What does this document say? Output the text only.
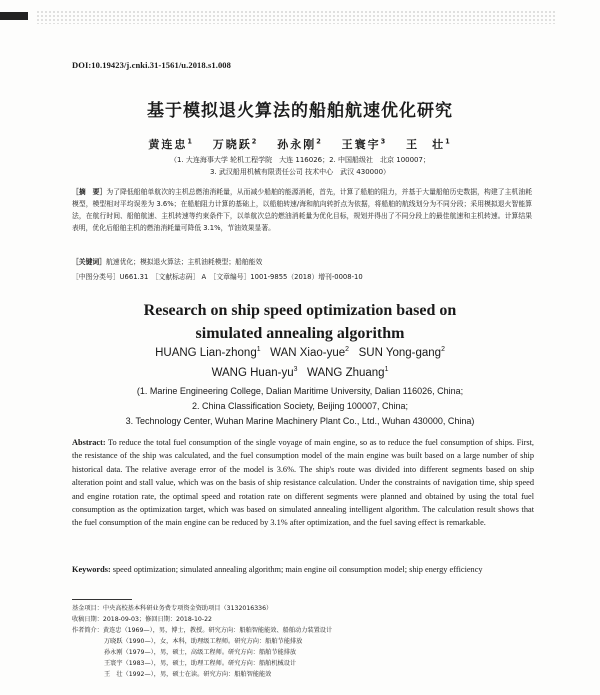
DOI:10.19423/j.cnki.31-1561/u.2018.s1.008
基于模拟退火算法的船舶航速优化研究
黄连忠$^1$　 万晓跃$^2$　 孙永刚$^2$　 王寰宇$^3$　 王　壮$^1$
（1. 大连海事大学 轮机工程学院　大连 116026；2. 中国船级社　北京 100007；
3. 武汉船用机械有限责任公司 技术中心　武汉 430000）
［摘　要］为了降低船舶单航次的主机总燃油消耗量，从而减少船舶的能源消耗，首先，计算了船舶的阻力，并基于大量船舶历史数据，构建了主机油耗模型，模型相对平均误差为 3.6%；在船舶阻力计算的基础上，以船舶转速/海和航向转折点为依据，将船舶的航线划分为不同分段；采用模拟退火智能算法，在航行时间、船舶航速、主机转速等约束条件下，以单航次总的燃油消耗量为优化目标，规划并得出了不同分段上的最佳航速和主机转速。计算结果表明，优化后船舶主机的燃油消耗量可降低 3.1%，节油效果显著。
［关键词］航速优化；模拟退火算法；主机油耗模型；船舶能效
［中图分类号］U661.31　［文献标志码］ A　［文章编号］1001-9855（2018）增刊-0008-10
Research on ship speed optimization based on
simulated annealing algorithm
HUANG Lian-zhong$^1$ WAN Xiao-yue$^2$ SUN Yong-gang$^2$
WANG Huan-$yu^3$ WANG Zhuang$^1$
(1. Marine Engineering College, Dalian Maritime University, Dalian 116026, China;
2. China Classification Society, Beijing 100007, China;
3. Technology Center, Wuhan Marine Machinery Plant Co., Ltd., Wuhan 430000, China)
Abstract: To reduce the total fuel consumption of the single voyage of main engine, so as to reduce the fuel consumption of ships. First, the resistance of the ship was calculated, and the fuel consumption model of the main engine was built based on a large number of ship historical data. The relative average error of the model is 3.6%. The ship's route was divided into different segments based on ship alteration point and stall value, which was on the basis of ship resistance calculation. Under the constraints of navigation time, ship speed and engine rotation rate, the optimal speed and rotation rate on different segments were planned and obtained by using the total fuel consumption as the optimization target, which was based on simulated annealing intelligent algorithm. The calculation result shows that the fuel consumption of the main engine can be reduced by 3.1% after optimization, and the fuel saving effect is remarkable.
Keywords: speed optimization; simulated annealing algorithm; main engine oil consumption model; ship energy efficiency
基金项目：中央高校基本科研业务费专项资金资助项目（3132016336）
收稿日期：2018-09-03；修回日期：2018-10-22
作者简介：黄连忠（1969—），男，博士，教授。研究方向：船舶智能能效、船舶动力装置设计
万晓跃（1990—），女，本科，助理级工程师。研究方向：船舶节能排放
孙永刚（1979—），男，硕士，高级工程师。研究方向：船舶节能排放
王寰宇（1983—），男，硕士，助理工程师。研究方向：船舶机械设计
王　壮（1992—），男，硕士在读。研究方向：船舶智能能效
